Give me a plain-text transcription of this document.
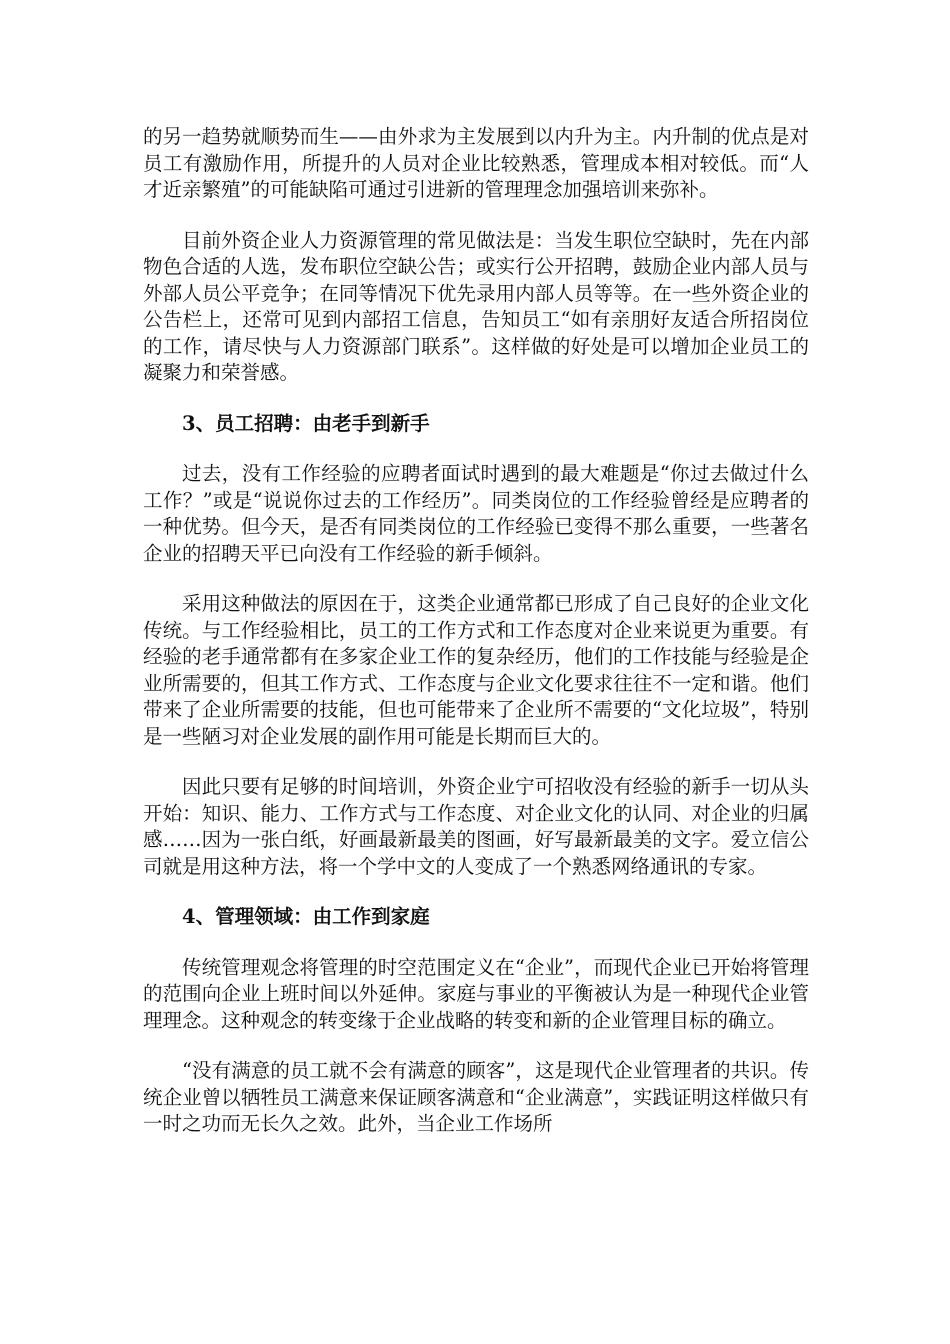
的另一趋势就顺势而生——由外求为主发展到以内升为主。内升制的优点是对员工有激励作用，所提升的人员对企业比较熟悉，管理成本相对较低。而“人才近亲繁殖”的可能缺陷可通过引进新的管理理念加强培训来弥补。

目前外资企业人力资源管理的常见做法是：当发生职位空缺时，先在内部物色合适的人选，发布职位空缺公告；或实行公开招聘，鼓励企业内部人员与外部人员公平竞争；在同等情况下优先录用内部人员等等。在一些外资企业的公告栏上，还常可见到内部招工信息，告知员工“如有亲朋好友适合所招岗位的工作，请尽快与人力资源部门联系”。这样做的好处是可以增加企业员工的凝聚力和荣誉感。

3、员工招聘：由老手到新手

过去，没有工作经验的应聘者面试时遇到的最大难题是“你过去做过什么工作？”或是“说说你过去的工作经历”。同类岗位的工作经验曾经是应聘者的一种优势。但今天，是否有同类岗位的工作经验已变得不那么重要，一些著名企业的招聘天平已向没有工作经验的新手倾斜。

采用这种做法的原因在于，这类企业通常都已形成了自己良好的企业文化传统。与工作经验相比，员工的工作方式和工作态度对企业来说更为重要。有经验的老手通常都有在多家企业工作的复杂经历，他们的工作技能与经验是企业所需要的，但其工作方式、工作态度与企业文化要求往往不一定和谐。他们带来了企业所需要的技能，但也可能带来了企业所不需要的“文化垃圾”，特别是一些陋习对企业发展的副作用可能是长期而巨大的。

因此只要有足够的时间培训，外资企业宁可招收没有经验的新手一切从头开始：知识、能力、工作方式与工作态度、对企业文化的认同、对企业的归属感……因为一张白纸，好画最新最美的图画，好写最新最美的文字。爱立信公司就是用这种方法，将一个学中文的人变成了一个熟悉网络通讯的专家。

4、管理领域：由工作到家庭

传统管理观念将管理的时空范围定义在“企业”，而现代企业已开始将管理的范围向企业上班时间以外延伸。家庭与事业的平衡被认为是一种现代企业管理理念。这种观念的转变缘于企业战略的转变和新的企业管理目标的确立。

“没有满意的员工就不会有满意的顾客”，这是现代企业管理者的共识。传统企业曾以牺牲员工满意来保证顾客满意和“企业满意”，实践证明这样做只有一时之功而无长久之效。此外，当企业工作场所
